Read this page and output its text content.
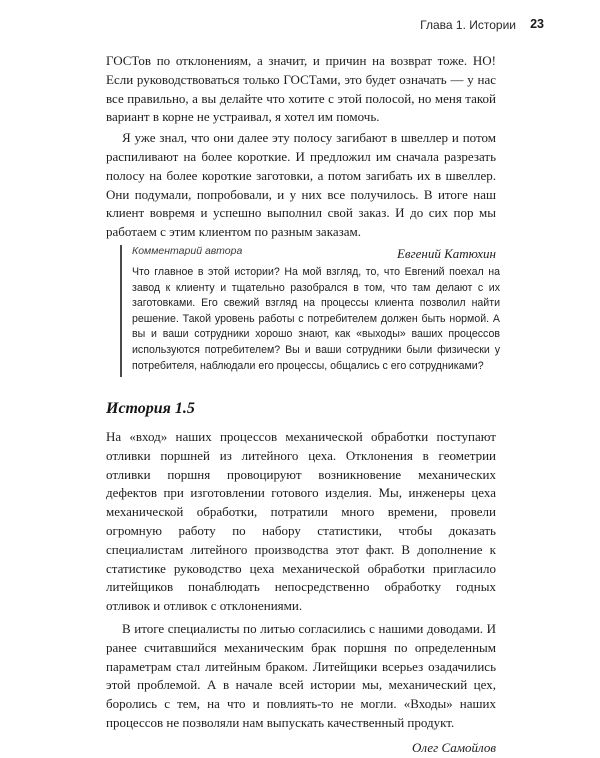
Глава 1. Истории 23

ГОСТов по отклонениям, а значит, и причин на возврат тоже. НО! Если руководствоваться только ГОСТами, это будет означать — у нас все правильно, а вы делайте что хотите с этой полосой, но меня такой вариант в корне не устраивал, я хотел им помочь.

Я уже знал, что они далее эту полосу загибают в швеллер и потом распиливают на более короткие. И предложил им сначала разрезать полосу на более короткие заготовки, а потом загибать их в швеллер. Они подумали, попробовали, и у них все получилось. В итоге наш клиент вовремя и успешно выполнил свой заказ. И до сих пор мы работаем с этим клиентом по разным заказам.

Евгений Катюхин
Комментарий автора

Что главное в этой истории? На мой взгляд, то, что Евгений поехал на завод к клиенту и тщательно разобрался в том, что там делают с их заготовками. Его свежий взгляд на процессы клиента позволил найти решение. Такой уровень работы с потребителем должен быть нормой. А вы и ваши сотрудники хорошо знают, как «выходы» ваших процессов используются потребителем? Вы и ваши сотрудники были физически у потребителя, наблюдали его процессы, общались с его сотрудниками?

История 1.5

На «вход» наших процессов механической обработки поступают отливки поршней из литейного цеха. Отклонения в геометрии отливки поршня провоцируют возникновение механических дефектов при изготовлении готового изделия. Мы, инженеры цеха механической обработки, потратили много времени, провели огромную работу по набору статистики, чтобы доказать специалистам литейного производства этот факт. В дополнение к статистике руководство цеха механической обработки пригласило литейщиков понаблюдать непосредственно обработку годных отливок и отливок с отклонениями.

В итоге специалисты по литью согласились с нашими доводами. И ранее считавшийся механическим брак поршня по определенным параметрам стал литейным браком. Литейщики всерьез озадачились этой проблемой. А в начале всей истории мы, механический цех, боролись с тем, на что и повлиять-то не могли. «Входы» наших процессов не позволяли нам выпускать качественный продукт.

Олег Самойлов
